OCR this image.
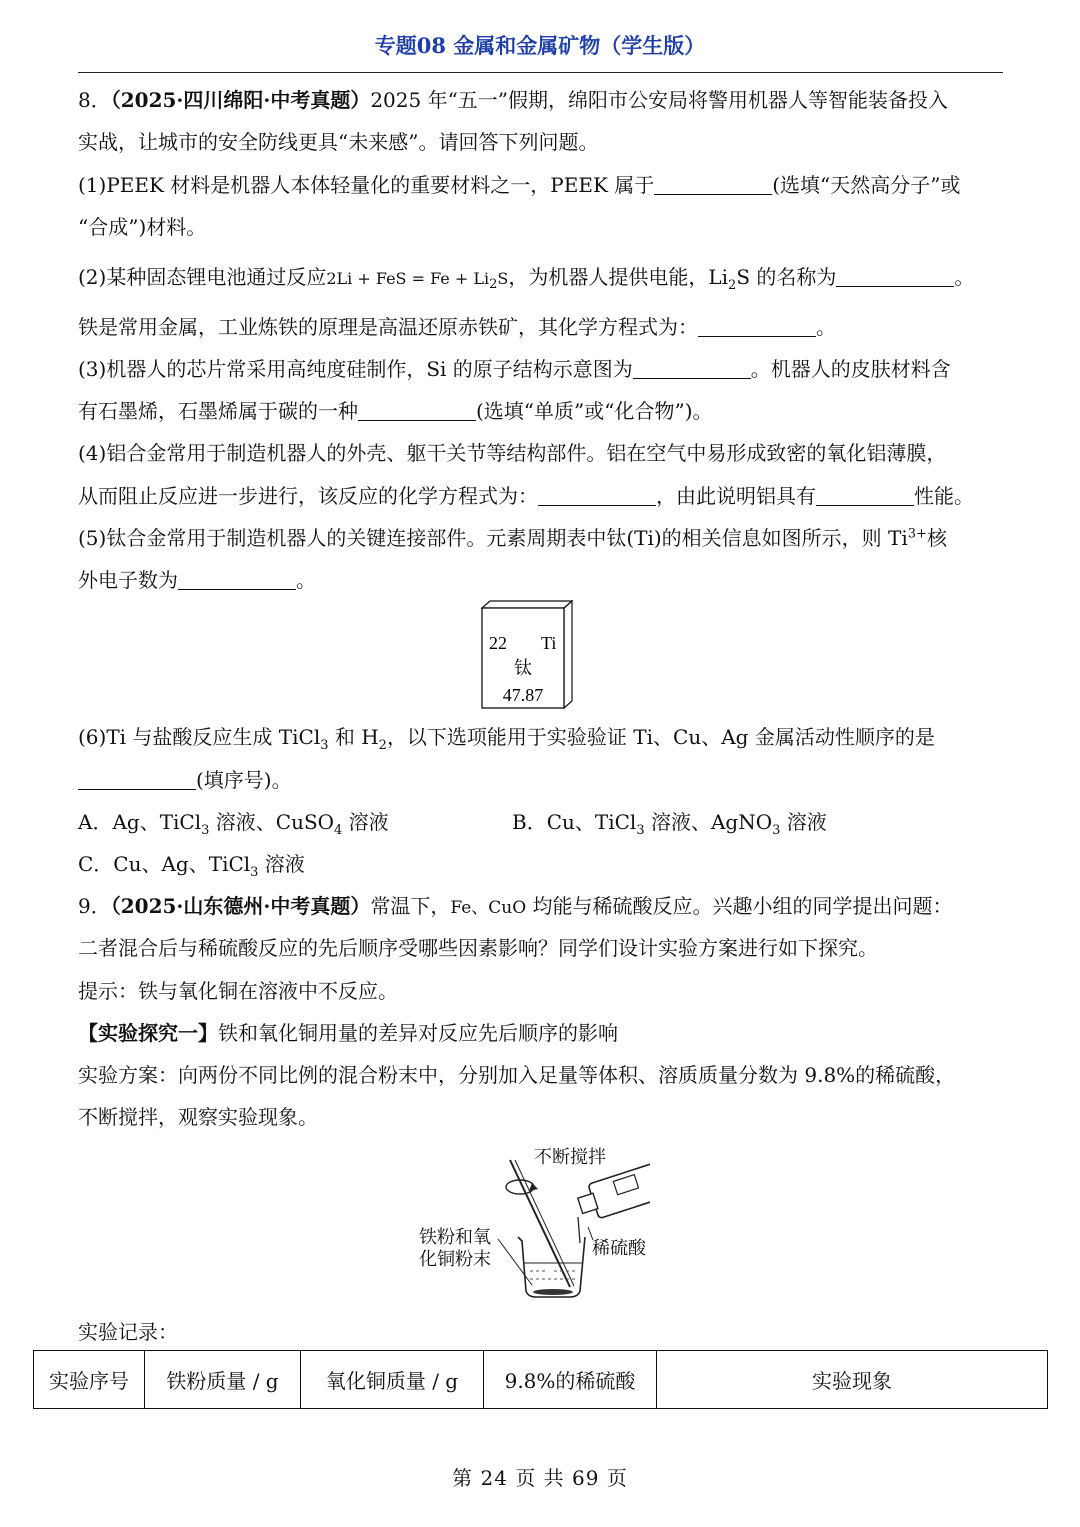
专题08 金属和金属矿物（学生版）
8．（2025·四川绵阳·中考真题）2025 年“五一”假期，绵阳市公安局将警用机器人等智能装备投入
实战，让城市的安全防线更具“未来感”。请回答下列问题。
(1)PEEK 材料是机器人本体轻量化的重要材料之一，PEEK 属于	(选填“天然高分子”或
“合成”)材料。
(2)某种固态锂电池通过反应2Li + FeS = $Fe + Li_2S$，为机器人提供电能，$Li_2S$ 的名称为	。
铁是常用金属，工业炼铁的原理是高温还原赤铁矿，其化学方程式为：	。
(3)机器人的芯片常采用高纯度硅制作，Si 的原子结构示意图为	。机器人的皮肤材料含
有石墨烯，石墨烯属于碳的一种	(选填“单质”或“化合物”)。
(4)铝合金常用于制造机器人的外壳、躯干关节等结构部件。铝在空气中易形成致密的氧化铝薄膜，
从而阻止反应进一步进行，该反应的化学方程式为：	，由此说明铝具有	性能。
(5)钛合金常用于制造机器人的关键连接部件。元素周期表中钛(Ti)的相关信息如图所示，则 $Ti^{3+}$核
外电子数为	。
22 Ti
钛
47.87
(6)Ti 与盐酸反应生成 TiCl$_3$ 和 $H_2$，以下选项能用于实验验证 Ti、Cu、Ag 金属活动性顺序的是
(填序号)。
A．Ag、TiCl$_3$ 溶液、CuSO$_4$ 溶液	B．Cu、TiCl$_3$ 溶液、AgNO$_3$ 溶液
C．Cu、Ag、TiCl$_3$ 溶液
9．（2025·山东德州·中考真题）常温下，Fe、CuO 均能与稀硫酸反应。兴趣小组的同学提出问题：
二者混合后与稀硫酸反应的先后顺序受哪些因素影响？同学们设计实验方案进行如下探究。
提示：铁与氧化铜在溶液中不反应。
【实验探究一】铁和氧化铜用量的差异对反应先后顺序的影响
实验方案：向两份不同比例的混合粉末中，分别加入足量等体积、溶质质量分数为 9.8%的稀硫酸，
不断搅拌，观察实验现象。
不断搅拌
铁粉和氧
化铜粉末
稀硫酸
实验记录：
实验序号	铁粉质量 / g	氧化铜质量 / g	9.8%的稀硫酸	实验现象
第 24 页 共 69 页
